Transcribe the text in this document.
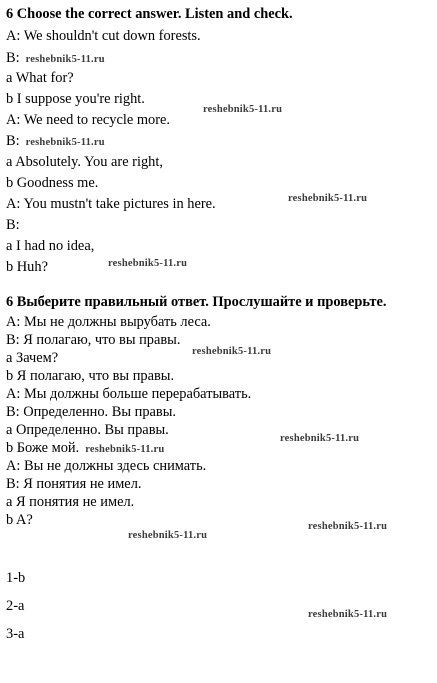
6 Choose the correct answer. Listen and check.
A: We shouldn't cut down forests.
B: reshebnik5-11.ru
a What for?
b I suppose you're right.
A: We need to recycle more.
B: reshebnik5-11.ru
a Absolutely. You are right,
b Goodness me.
A: You mustn't take pictures in here.
B:
a I had no idea,
b Huh?
6 Выберите правильный ответ. Прослушайте и проверьте.
A: Мы не должны вырубать леса.
B: Я полагаю, что вы правы.
a Зачем?
b Я полагаю, что вы правы.
A: Мы должны больше перерабатывать.
B: Определенно. Вы правы.
a Определенно. Вы правы.
b Боже мой. reshebnik5-11.ru
A: Вы не должны здесь снимать.
B: Я понятия не имел.
a Я понятия не имел.
b A?
1-b
2-a
3-a
reshebnik5-11.ru
reshebnik5-11.ru
reshebnik5-11.ru
reshebnik5-11.ru
reshebnik5-11.ru
reshebnik5-11.ru
reshebnik5-11.ru
reshebnik5-11.ru
